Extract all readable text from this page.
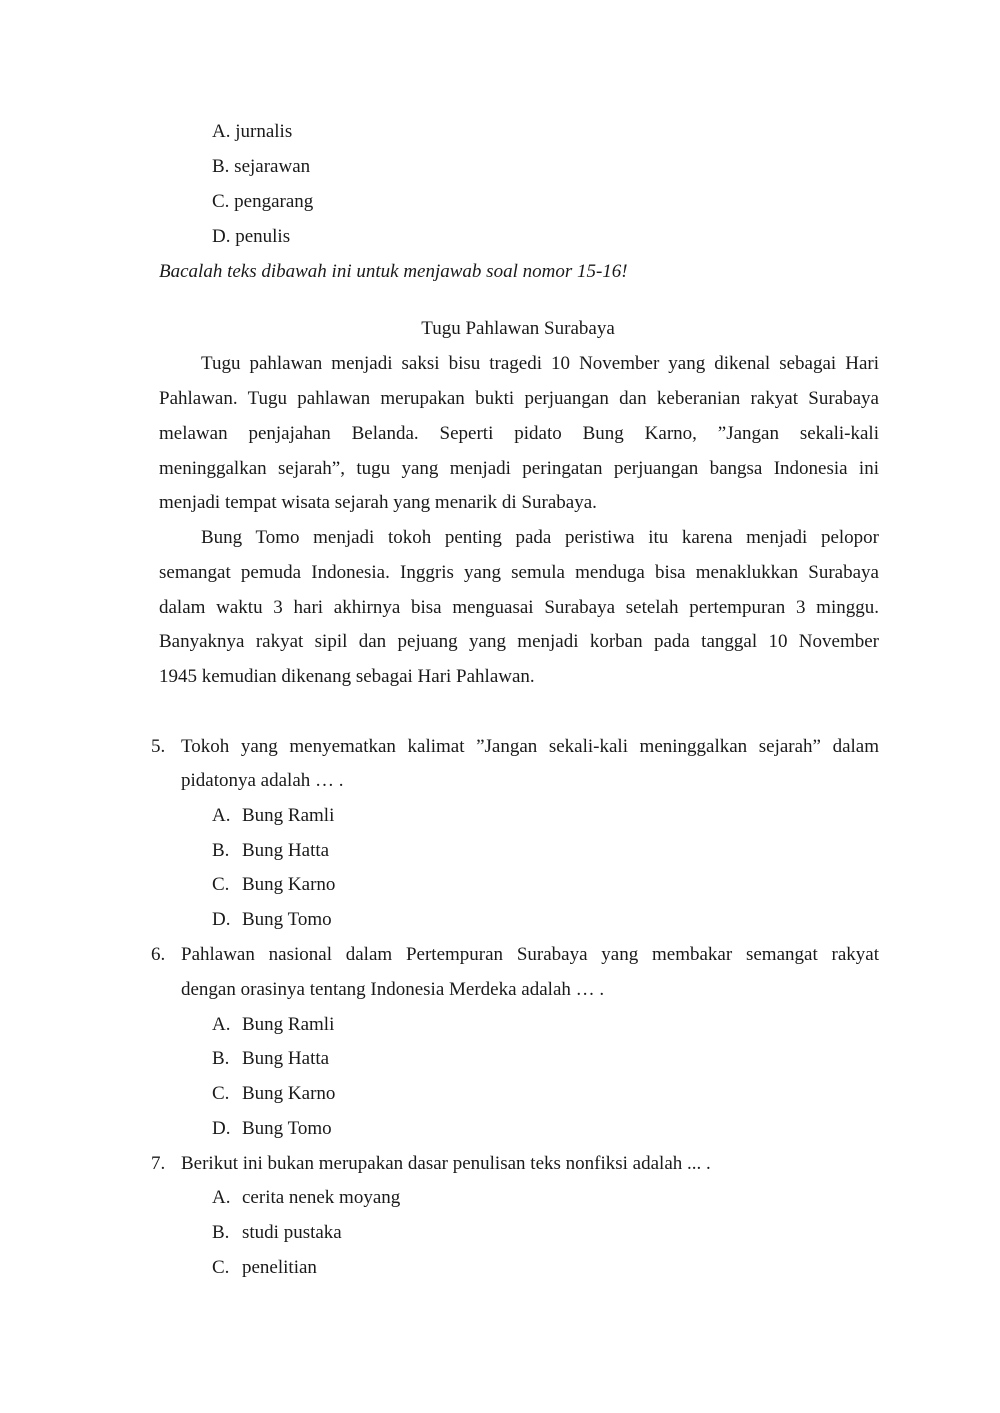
A. jurnalis
B. sejarawan
C. pengarang
D. penulis
Bacalah teks dibawah ini untuk menjawab soal nomor 15-16!
Tugu Pahlawan Surabaya
Tugu pahlawan menjadi saksi bisu tragedi 10 November yang dikenal sebagai Hari
Pahlawan. Tugu pahlawan merupakan bukti perjuangan dan keberanian rakyat Surabaya
melawan penjajahan Belanda. Seperti pidato Bung Karno, ”Jangan sekali-kali
meninggalkan sejarah”, tugu yang menjadi peringatan perjuangan bangsa Indonesia ini
menjadi tempat wisata sejarah yang menarik di Surabaya.
Bung Tomo menjadi tokoh penting pada peristiwa itu karena menjadi pelopor
semangat pemuda Indonesia. Inggris yang semula menduga bisa menaklukkan Surabaya
dalam waktu 3 hari akhirnya bisa menguasai Surabaya setelah pertempuran 3 minggu.
Banyaknya rakyat sipil dan pejuang yang menjadi korban pada tanggal 10 November
1945 kemudian dikenang sebagai Hari Pahlawan.
5. Tokoh yang menyematkan kalimat ”Jangan sekali-kali meninggalkan sejarah” dalam
pidatonya adalah … .
A. Bung Ramli
B. Bung Hatta
C. Bung Karno
D. Bung Tomo
6. Pahlawan nasional dalam Pertempuran Surabaya yang membakar semangat rakyat
dengan orasinya tentang Indonesia Merdeka adalah … .
A. Bung Ramli
B. Bung Hatta
C. Bung Karno
D. Bung Tomo
7. Berikut ini bukan merupakan dasar penulisan teks nonfiksi adalah ... .
A. cerita nenek moyang
B. studi pustaka
C. penelitian
